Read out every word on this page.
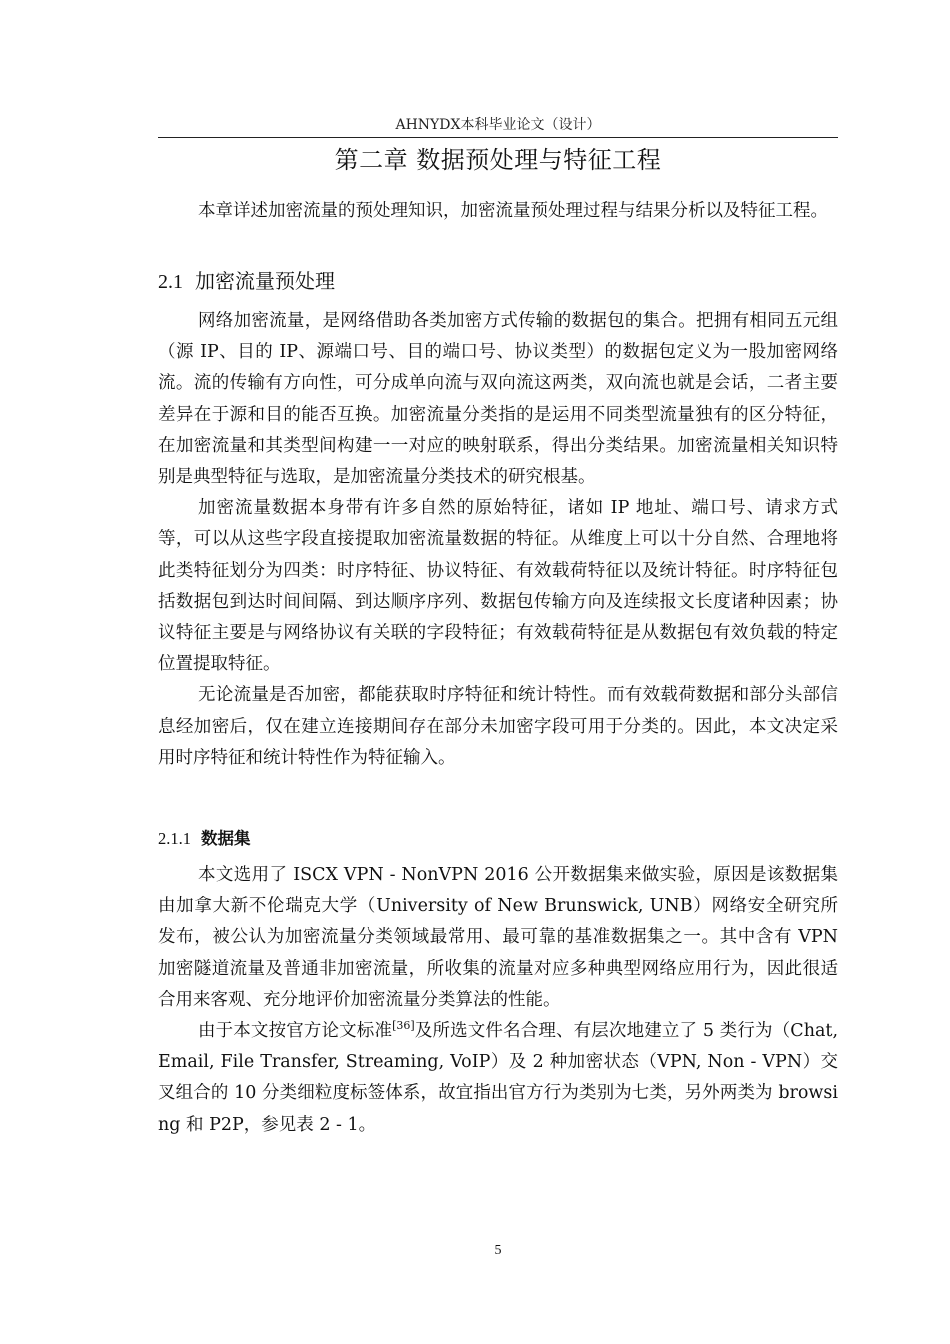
AHNYDX本科毕业论文（设计）
第二章 数据预处理与特征工程

本章详述加密流量的预处理知识，加密流量预处理过程与结果分析以及特征工程。

2.1 加密流量预处理

网络加密流量，是网络借助各类加密方式传输的数据包的集合。把拥有相同五元组（源 IP、目的 IP、源端口号、目的端口号、协议类型）的数据包定义为一股加密网络流。流的传输有方向性，可分成单向流与双向流这两类，双向流也就是会话，二者主要差异在于源和目的能否互换。加密流量分类指的是运用不同类型流量独有的区分特征，在加密流量和其类型间构建一一对应的映射联系，得出分类结果。加密流量相关知识特别是典型特征与选取，是加密流量分类技术的研究根基。

加密流量数据本身带有许多自然的原始特征，诸如 IP 地址、端口号、请求方式等，可以从这些字段直接提取加密流量数据的特征。从维度上可以十分自然、合理地将此类特征划分为四类：时序特征、协议特征、有效载荷特征以及统计特征。时序特征包括数据包到达时间间隔、到达顺序序列、数据包传输方向及连续报文长度诸种因素；协议特征主要是与网络协议有关联的字段特征；有效载荷特征是从数据包有效负载的特定位置提取特征。

无论流量是否加密，都能获取时序特征和统计特性。而有效载荷数据和部分头部信息经加密后，仅在建立连接期间存在部分未加密字段可用于分类的。因此，本文决定采用时序特征和统计特性作为特征输入。

2.1.1 数据集

本文选用了 ISCX VPN - NonVPN 2016 公开数据集来做实验，原因是该数据集由加拿大新不伦瑞克大学（University of New Brunswick, UNB）网络安全研究所发布，被公认为加密流量分类领域最常用、最可靠的基准数据集之一。其中含有 VPN 加密隧道流量及普通非加密流量，所收集的流量对应多种典型网络应用行为，因此很适合用来客观、充分地评价加密流量分类算法的性能。

由于本文按官方论文标准[36]及所选文件名合理、有层次地建立了 5 类行为（Chat, Email, File Transfer, Streaming, VoIP）及 2 种加密状态（VPN, Non - VPN）交叉组合的 10 分类细粒度标签体系，故宜指出官方行为类别为七类，另外两类为 browsing 和 P2P，参见表 2 - 1。

5
